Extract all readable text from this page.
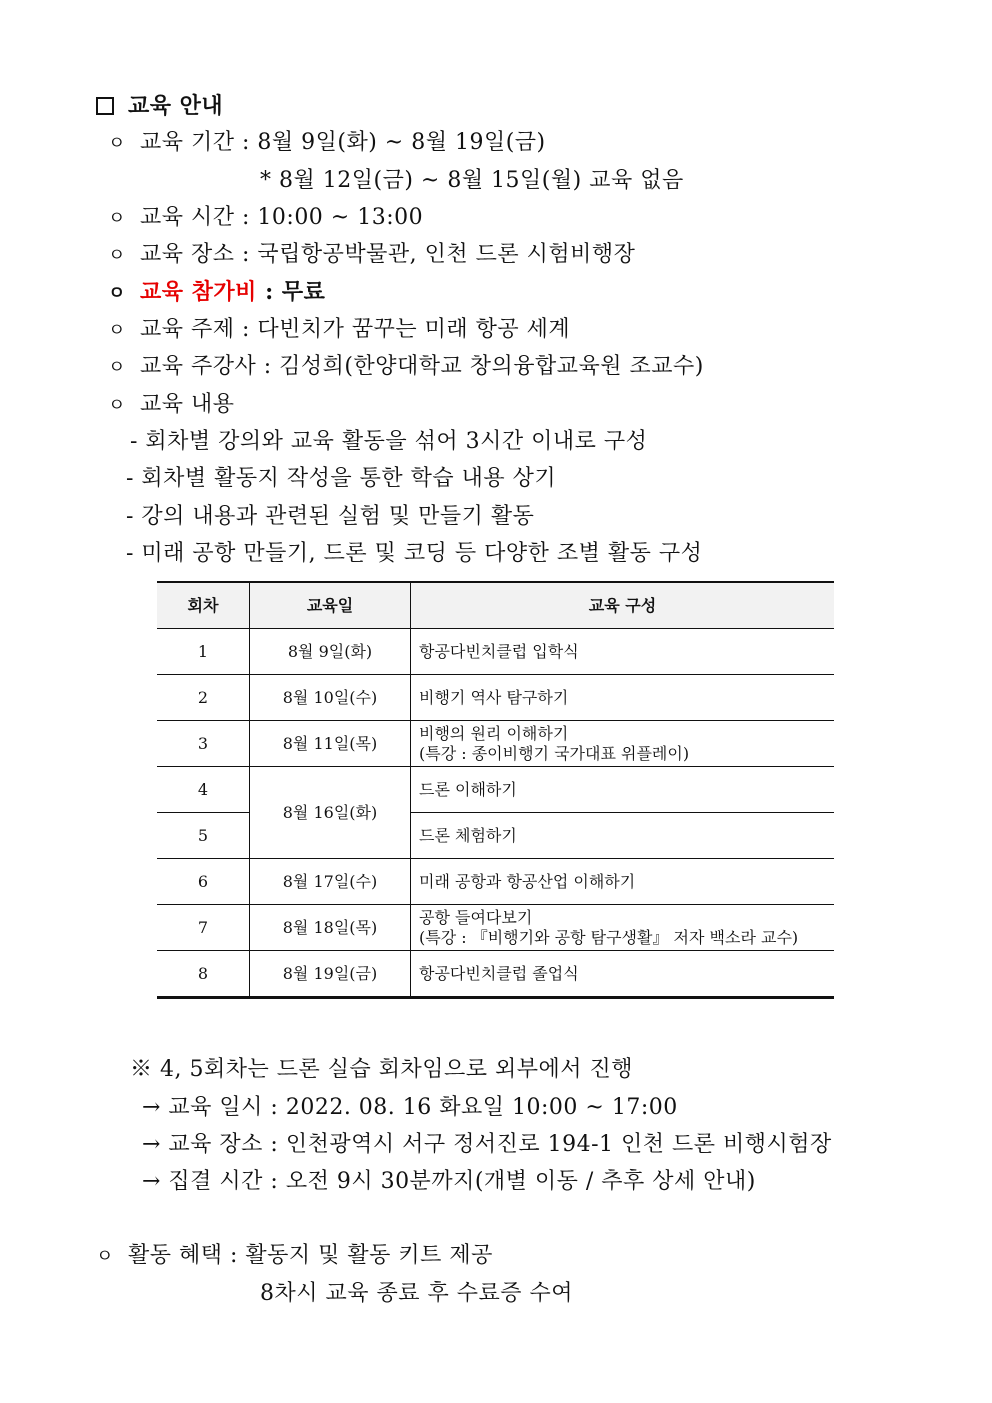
교육 안내
ㅇ 교육 기간 : 8월 9일(화) ~ 8월 19일(금)
* 8월 12일(금) ~ 8월 15일(월) 교육 없음
ㅇ 교육 시간 : 10:00 ~ 13:00
ㅇ 교육 장소 : 국립항공박물관, 인천 드론 시험비행장
ㅇ 교육 참가비 : 무료
ㅇ 교육 주제 : 다빈치가 꿈꾸는 미래 항공 세계
ㅇ 교육 주강사 : 김성희(한양대학교 창의융합교육원 조교수)
ㅇ 교육 내용
- 회차별 강의와 교육 활동을 섞어 3시간 이내로 구성
- 회차별 활동지 작성을 통한 학습 내용 상기
- 강의 내용과 관련된 실험 및 만들기 활동
- 미래 공항 만들기, 드론 및 코딩 등 다양한 조별 활동 구성
회차	교육일	교육 구성
1	8월 9일(화)	항공다빈치클럽 입학식
2	8월 10일(수)	비행기 역사 탐구하기
3	8월 11일(목)	비행의 원리 이해하기
(특강 : 종이비행기 국가대표 위플레이)

4	8월 16일(화)	드론 이해하기
5		드론 체험하기
6	8월 17일(수)	미래 공항과 항공산업 이해하기
7	8월 18일(목)	공항 들여다보기
(특강 : 『비행기와 공항 탐구생활』 저자 백소라 교수)

8	8월 19일(금)	항공다빈치클럽 졸업식
※ 4, 5회차는 드론 실습 회차임으로 외부에서 진행
→ 교육 일시 : 2022. 08. 16 화요일 10:00 ~ 17:00
→ 교육 장소 : 인천광역시 서구 정서진로 194-1 인천 드론 비행시험장
→ 집결 시간 : 오전 9시 30분까지(개별 이동 / 추후 상세 안내)
ㅇ 활동 혜택 : 활동지 및 활동 키트 제공
8차시 교육 종료 후 수료증 수여
